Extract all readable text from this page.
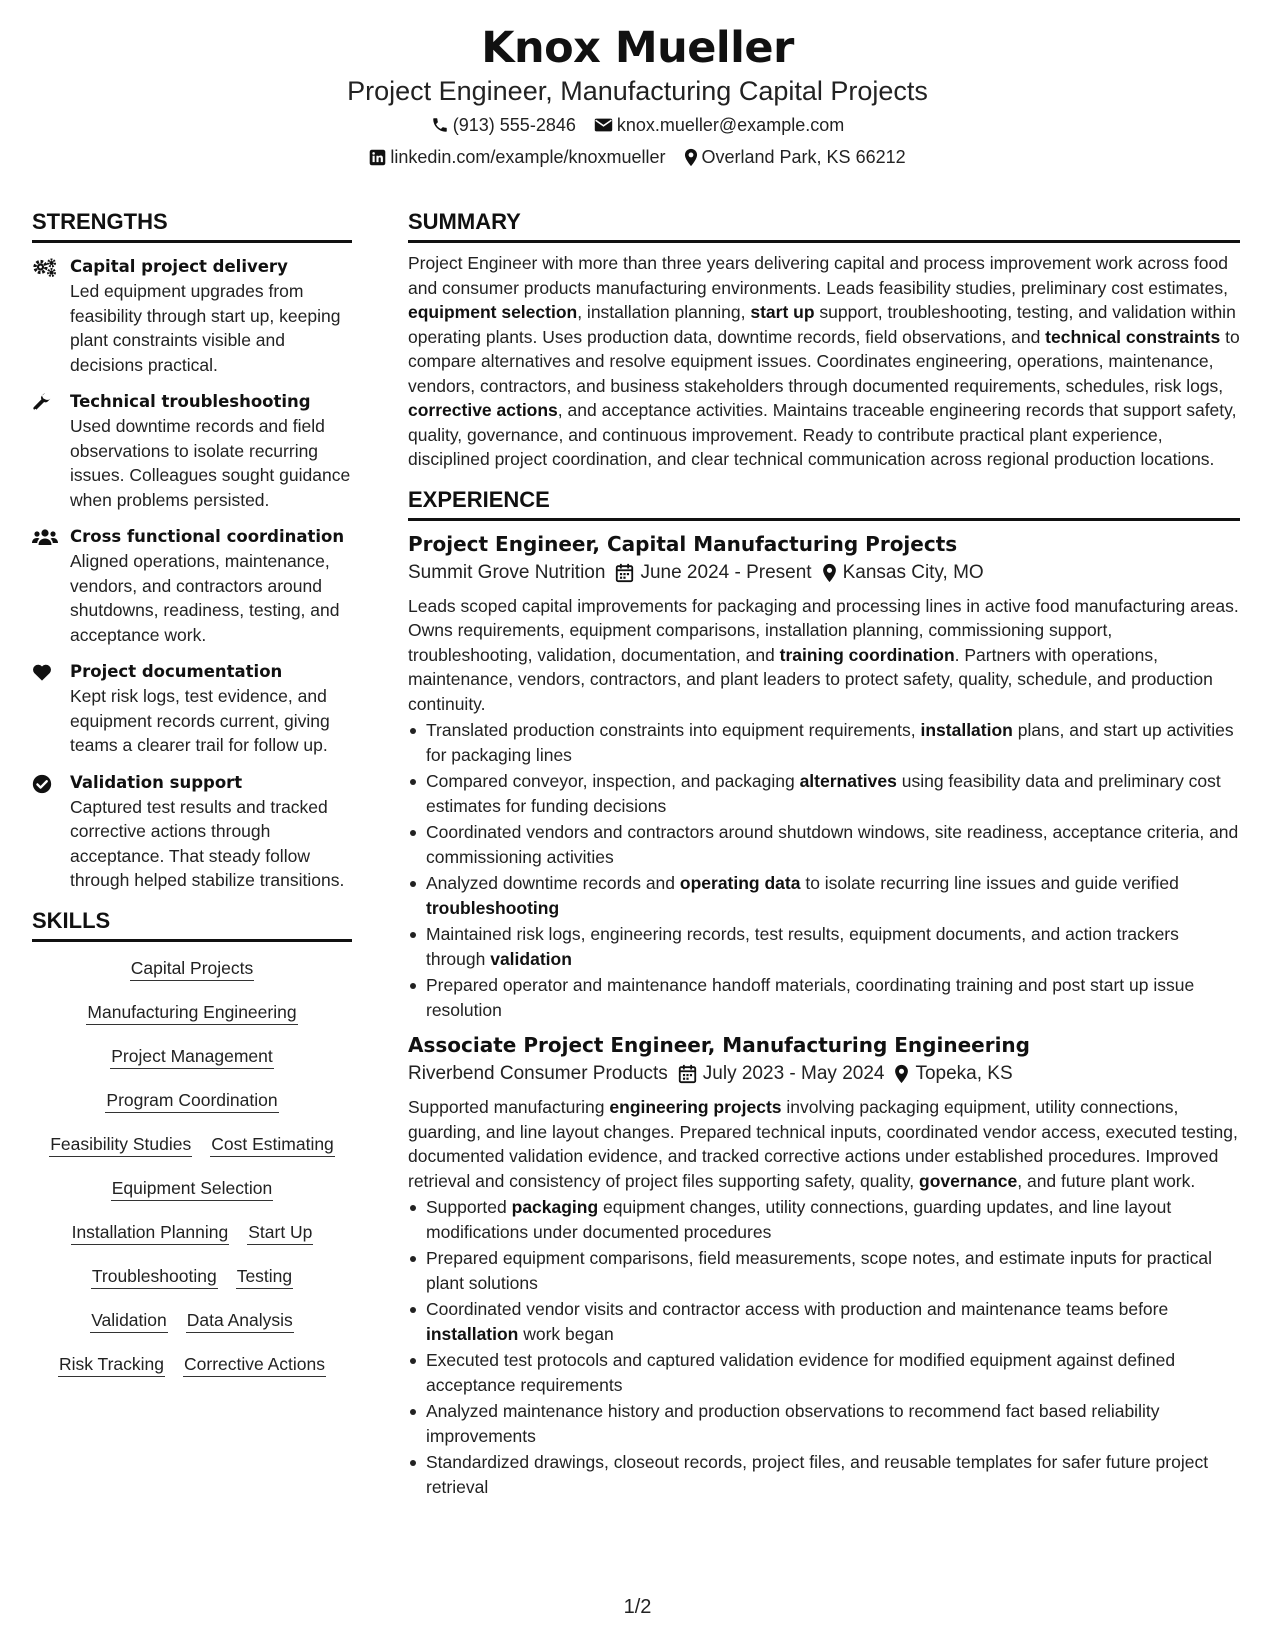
Knox Mueller
Project Engineer, Manufacturing Capital Projects
(913) 555-2846 knox.mueller@example.com
linkedin.com/example/knoxmueller Overland Park, KS 66212
STRENGTHS
Capital project delivery
Led equipment upgrades from feasibility through start up, keeping plant constraints visible and decisions practical.
Technical troubleshooting
Used downtime records and field observations to isolate recurring issues. Colleagues sought guidance when problems persisted.
Cross functional coordination
Aligned operations, maintenance, vendors, and contractors around shutdowns, readiness, testing, and acceptance work.
Project documentation
Kept risk logs, test evidence, and equipment records current, giving teams a clearer trail for follow up.
Validation support
Captured test results and tracked corrective actions through acceptance. That steady follow through helped stabilize transitions.
SKILLS
Capital Projects
Manufacturing Engineering
Project Management
Program Coordination
Feasibility Studies Cost Estimating
Equipment Selection
Installation Planning Start Up
Troubleshooting Testing
Validation Data Analysis
Risk Tracking Corrective Actions
SUMMARY
Project Engineer with more than three years delivering capital and process improvement work across food and consumer products manufacturing environments. Leads feasibility studies, preliminary cost estimates, equipment selection, installation planning, start up support, troubleshooting, testing, and validation within operating plants. Uses production data, downtime records, field observations, and technical constraints to compare alternatives and resolve equipment issues. Coordinates engineering, operations, maintenance, vendors, contractors, and business stakeholders through documented requirements, schedules, risk logs, corrective actions, and acceptance activities. Maintains traceable engineering records that support safety, quality, governance, and continuous improvement. Ready to contribute practical plant experience, disciplined project coordination, and clear technical communication across regional production locations.
EXPERIENCE
Project Engineer, Capital Manufacturing Projects
Summit Grove Nutrition June 2024 - Present Kansas City, MO
Leads scoped capital improvements for packaging and processing lines in active food manufacturing areas. Owns requirements, equipment comparisons, installation planning, commissioning support, troubleshooting, validation, documentation, and training coordination. Partners with operations, maintenance, vendors, contractors, and plant leaders to protect safety, quality, schedule, and production continuity.
Translated production constraints into equipment requirements, installation plans, and start up activities for packaging lines
Compared conveyor, inspection, and packaging alternatives using feasibility data and preliminary cost estimates for funding decisions
Coordinated vendors and contractors around shutdown windows, site readiness, acceptance criteria, and commissioning activities
Analyzed downtime records and operating data to isolate recurring line issues and guide verified troubleshooting
Maintained risk logs, engineering records, test results, equipment documents, and action trackers through validation
Prepared operator and maintenance handoff materials, coordinating training and post start up issue resolution
Associate Project Engineer, Manufacturing Engineering
Riverbend Consumer Products July 2023 - May 2024 Topeka, KS
Supported manufacturing engineering projects involving packaging equipment, utility connections, guarding, and line layout changes. Prepared technical inputs, coordinated vendor access, executed testing, documented validation evidence, and tracked corrective actions under established procedures. Improved retrieval and consistency of project files supporting safety, quality, governance, and future plant work.
Supported packaging equipment changes, utility connections, guarding updates, and line layout modifications under documented procedures
Prepared equipment comparisons, field measurements, scope notes, and estimate inputs for practical plant solutions
Coordinated vendor visits and contractor access with production and maintenance teams before installation work began
Executed test protocols and captured validation evidence for modified equipment against defined acceptance requirements
Analyzed maintenance history and production observations to recommend fact based reliability improvements
Standardized drawings, closeout records, project files, and reusable templates for safer future project retrieval
1/2
